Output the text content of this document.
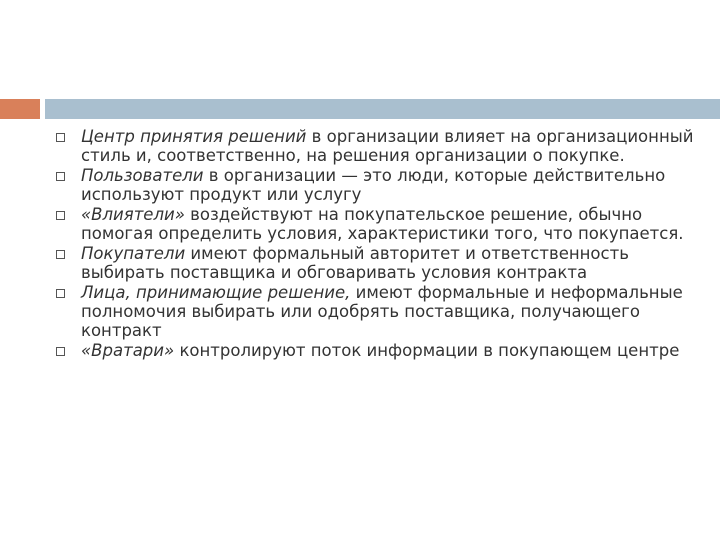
Центр принятия решений в организации влияет на организационный стиль и, соответственно, на решения организации о покупке.
Пользователи в организации — это люди, которые действительно используют продукт или услугу
«Влиятели» воздействуют на покупательское решение, обычно помогая определить условия, характеристики того, что покупается.
Покупатели имеют формальный авторитет и ответственность выбирать поставщика и обговаривать условия контракта
Лица, принимающие решение, имеют формальные и неформальные полномочия выбирать или одобрять поставщика, получающего контракт
«Вратари» контролируют поток информации в покупающем центре
